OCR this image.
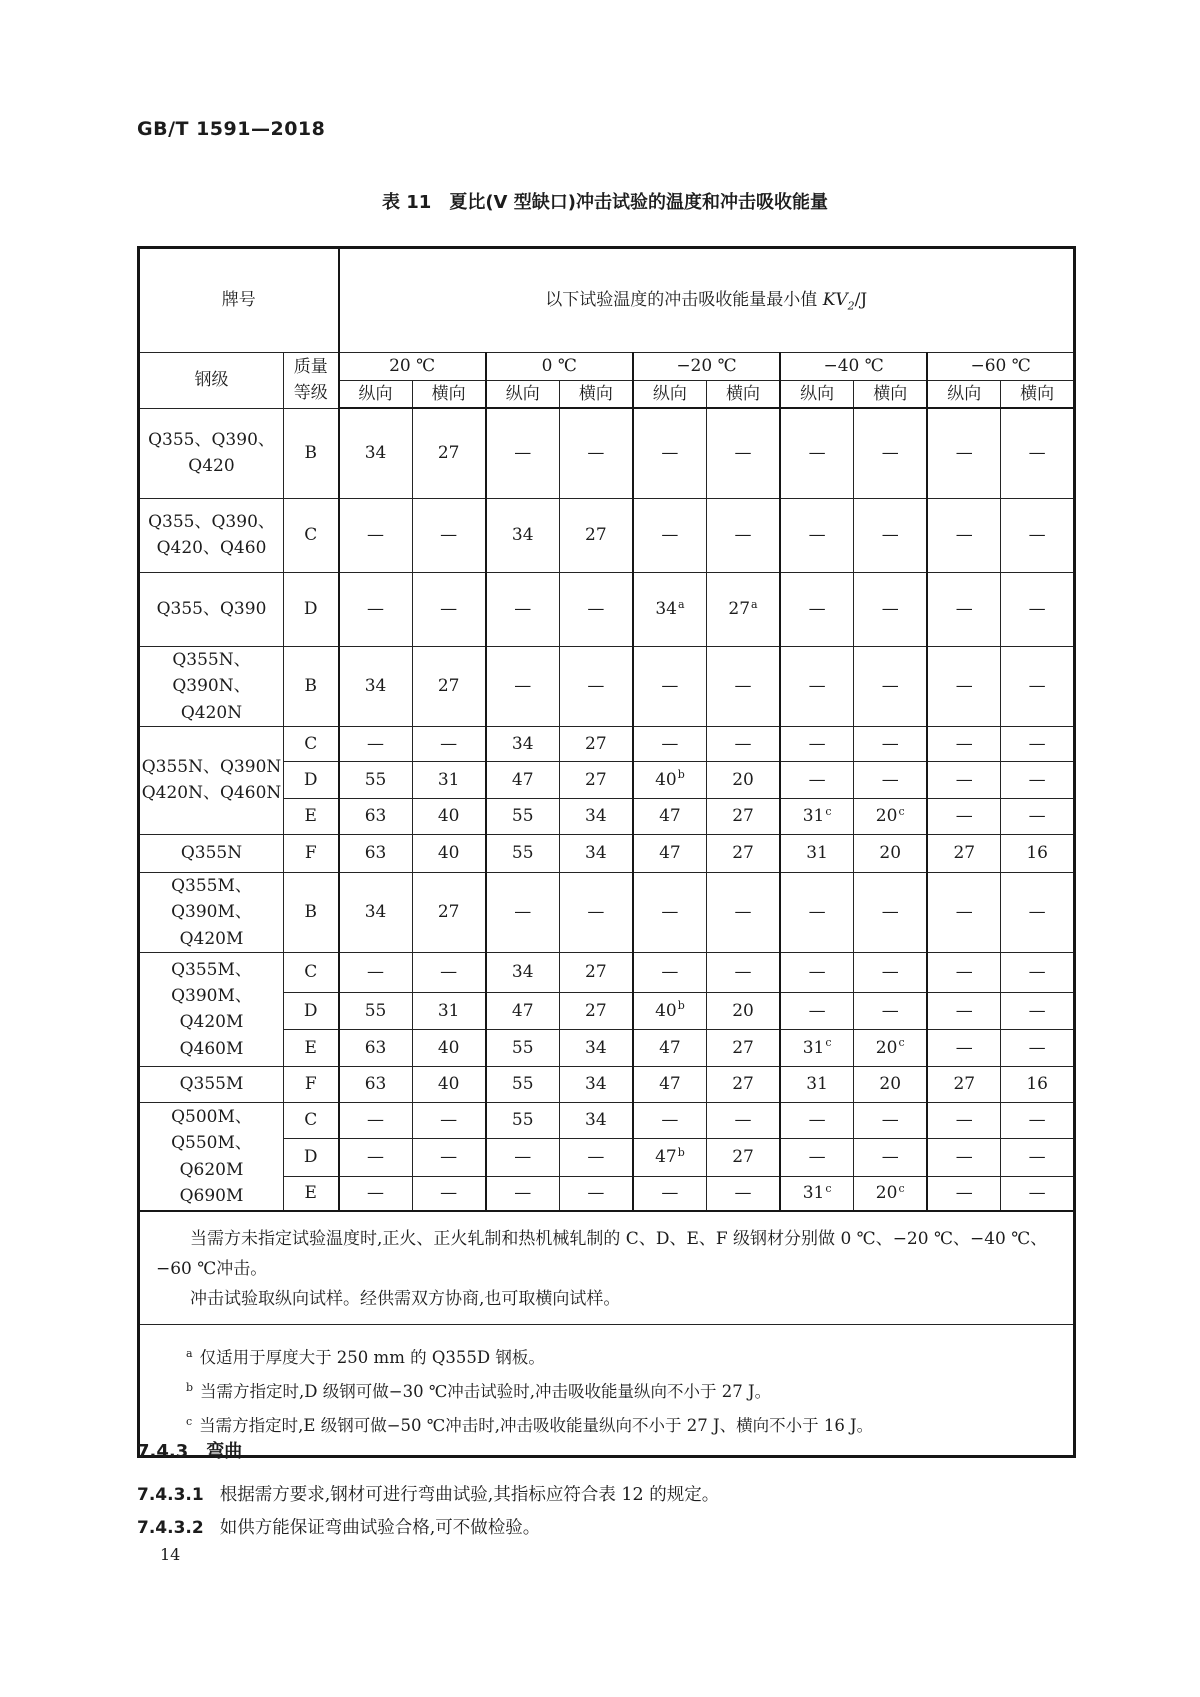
GB/T 1591—2018
表 11　夏比(V 型缺口)冲击试验的温度和冲击吸收能量
牌号		以下试验温度的冲击吸收能量最小值 $KV_2/J$									
钢级	质量
等级	20 ℃		0 ℃		−20 ℃		−40 ℃		−60 ℃	
		纵向	横向	纵向	横向	纵向	横向	纵向	横向	纵向	横向
Q355、Q390、
Q420	B	34	27	—	—	—	—	—	—	—	—
Q355、Q390、
Q420、Q460	C	—	—	34	27	—	—	—	—	—	—
Q355、Q390	D	—	—	—	—	34$^a$	27$^a$	—	—	—	—
Q355N、Q390N、
Q420N	B	34	27	—	—	—	—	—	—	—	—
Q355N、Q390N
Q420N、Q460N	C	—	—	34	27	—	—	—	—	—	—
	D	55	31	47	27	40$^b$	20	—	—	—	—
	E	63	40	55	34	47	27	31$^c$	20$^c$	—	—
Q355N	F	63	40	55	34	47	27	31	20	27	16
Q355M、Q390M、
Q420M	B	34	27	—	—	—	—	—	—	—	—
Q355M、
Q390M、Q420M
Q460M	C	—	—	34	27	—	—	—	—	—	—
	D	55	31	47	27	40$^b$	20	—	—	—	—
	E	63	40	55	34	47	27	31$^c$	20$^c$	—	—
Q355M	F	63	40	55	34	47	27	31	20	27	16
Q500M、
Q550M、Q620M
Q690M	C	—	—	55	34	—	—	—	—	—	—
	D	—	—	—	—	47$^b$	27	—	—	—	—
	E	—	—	—	—	—	—	31$^c$	20$^c$	—	—

当需方未指定试验温度时,正火、正火轧制和热机械轧制的 C、D、E、F 级钢材分别做 0 ℃、−20 ℃、−40 ℃、
−60 ℃冲击。
冲击试验取纵向试样。经供需双方协商,也可取横向试样。											

$^a$ 仅适用于厚度大于 250 mm 的 Q355D 钢板。
$^b$ 当需方指定时,D 级钢可做−30 ℃冲击试验时,冲击吸收能量纵向不小于 27 J。
$^c$ 当需方指定时,E 级钢可做−50 ℃冲击时,冲击吸收能量纵向不小于 27 J、横向不小于 16 J。											
7.4.3 弯曲
7.4.3.1 根据需方要求,钢材可进行弯曲试验,其指标应符合表 12 的规定。
7.4.3.2 如供方能保证弯曲试验合格,可不做检验。
14
